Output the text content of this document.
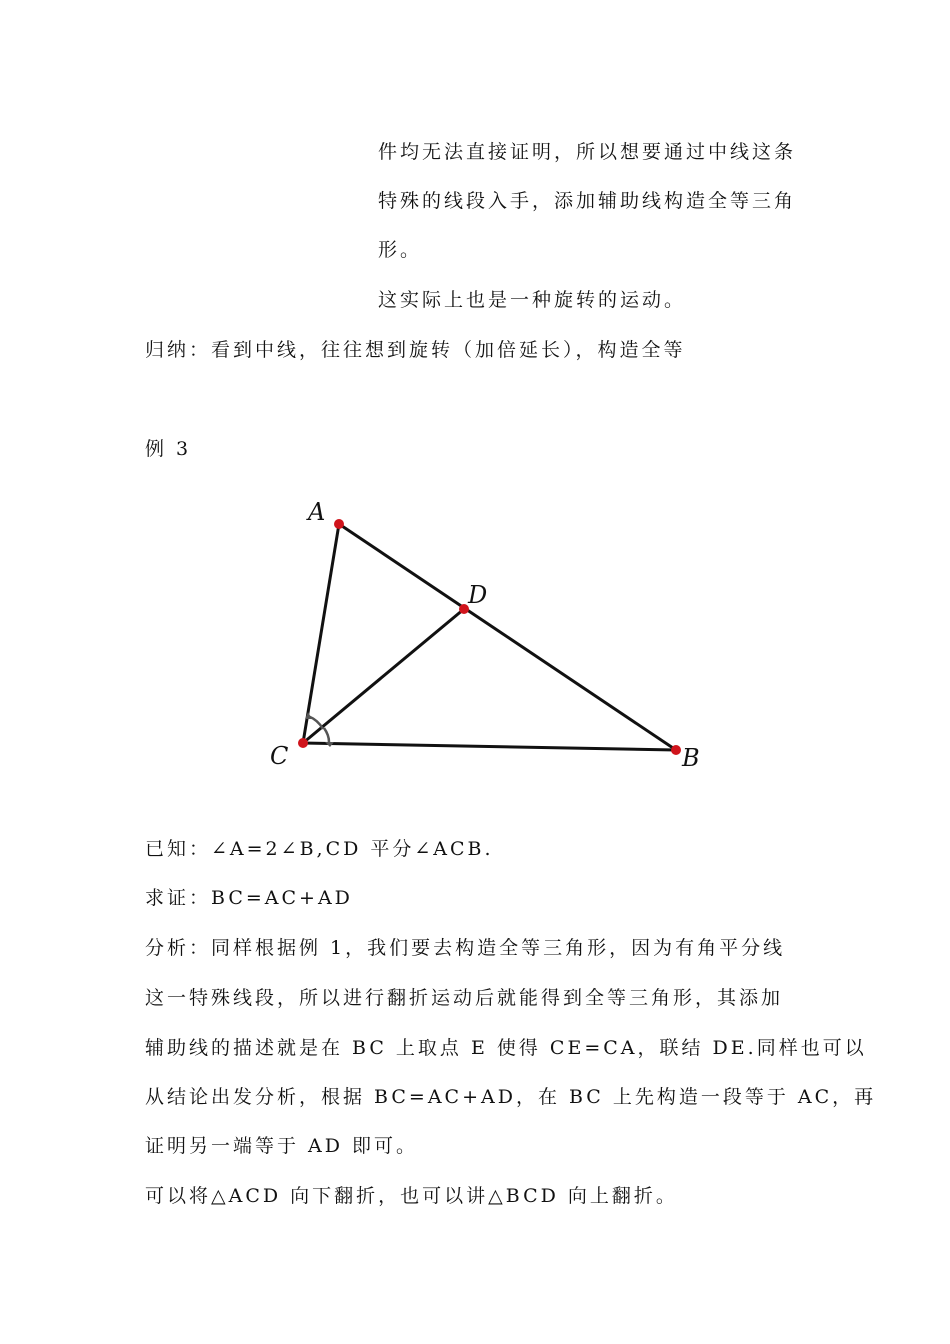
件均无法直接证明，所以想要通过中线这条
特殊的线段入手，添加辅助线构造全等三角
形。
这实际上也是一种旋转的运动。
归纳：看到中线，往往想到旋转（加倍延长），构造全等
例 3
A
B
C
D
已知：∠A=2∠B,CD 平分∠ACB.
求证：BC=AC+AD
分析：同样根据例 1，我们要去构造全等三角形，因为有角平分线
这一特殊线段，所以进行翻折运动后就能得到全等三角形，其添加
辅助线的描述就是在 BC 上取点 E 使得 CE=CA，联结 DE.同样也可以
从结论出发分析，根据 BC=AC+AD，在 BC 上先构造一段等于 AC，再
证明另一端等于 AD 即可。
可以将△ACD 向下翻折，也可以讲△BCD 向上翻折。
